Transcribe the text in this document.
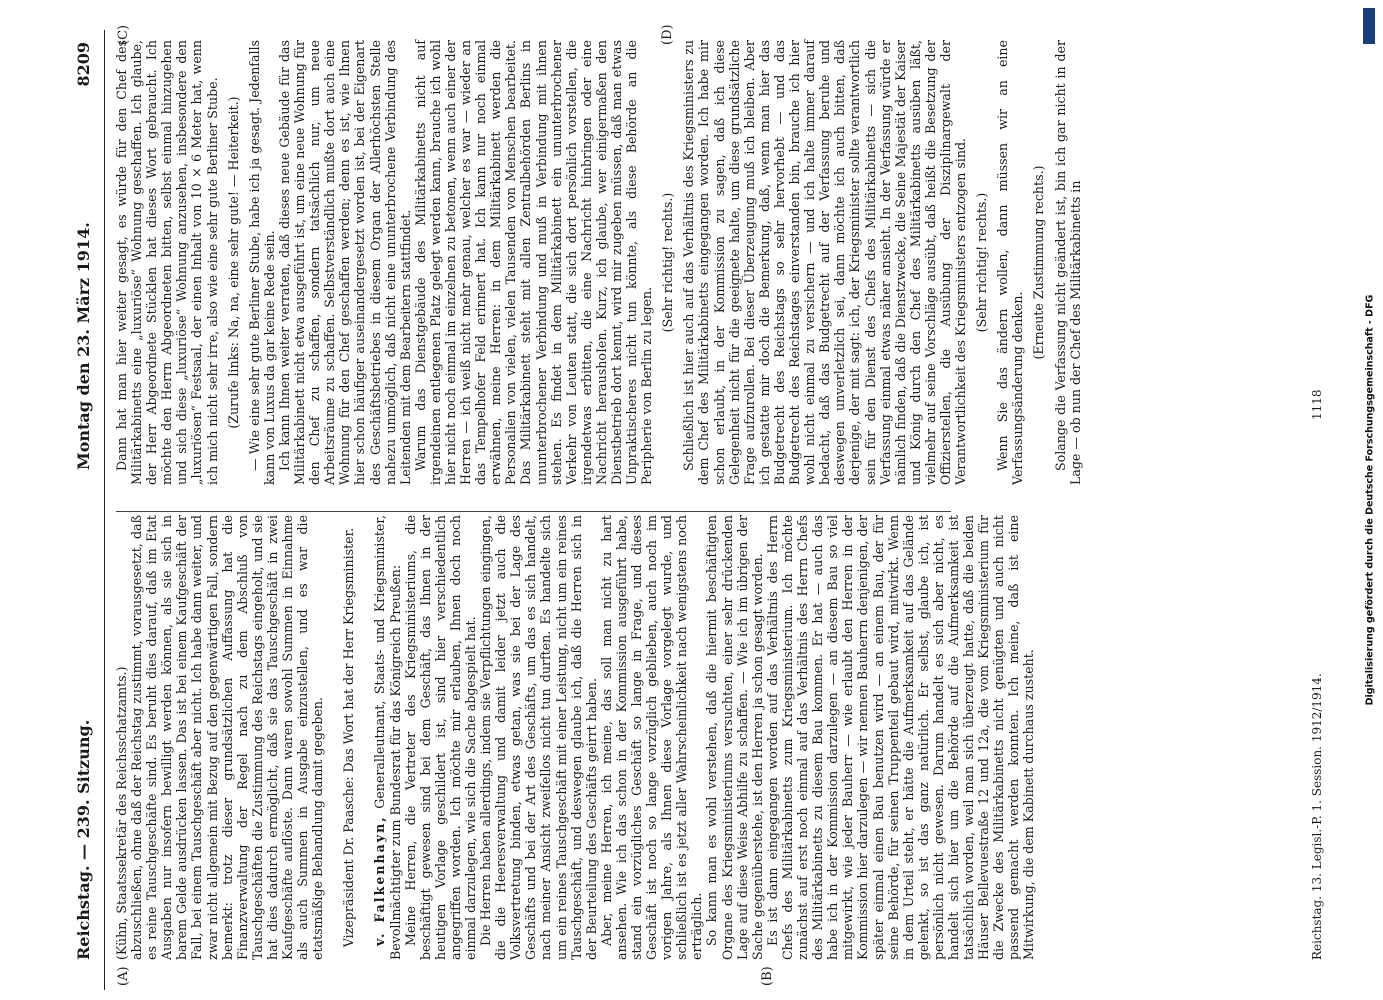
Reichstag. — 239. Sitzung.
Montag den 23. März 1914.
8209
(A)	(B)
(C)	(D)

(Kühn, Staatssekretär des Reichsschatzamts.) abzuschließen, ohne daß der Reichstag zustimmt, vorausgesetzt, daß es reine Tauschgeschäfte sind. Es beruht dies darauf, daß im Etat Ausgaben nur insofern bewilligt werden können, als sie sich in barem Gelde ausdrücken lassen. Das ist bei einem Kaufgeschäft der Fall, bei einem Tauschgeschäft aber nicht. Ich habe dann weiter, und zwar nicht allgemein mit Bezug auf den gegenwärtigen Fall, sondern bemerkt: trotz dieser grundsätzlichen Auffassung hat die Finanzverwaltung der Regel nach zu dem Abschluß von Tauschgeschäften die Zustimmung des Reichstags eingeholt, und sie hat dies dadurch ermöglicht, daß sie das Tauschgeschäft in zwei Kaufgeschäfte auflöste. Dann waren sowohl Summen in Einnahme als auch Summen in Ausgabe einzustellen, und es war die etatsmäßige Behandlung damit gegeben. Vizepräsident Dr. Paasche: Das Wort hat der Herr Kriegsminister. v. Falkenhayn, Generalleutnant, Staats- und Kriegsminister, Bevollmächtigter zum Bundesrat für das Königreich Preußen: Meine Herren, die Vertreter des Kriegsministeriums, die beschäftigt gewesen sind bei dem Geschäft, das Ihnen in der heutigen Vorlage geschildert ist, sind hier verschiedentlich angegriffen worden. Ich möchte mir erlauben, Ihnen doch noch einmal darzulegen, wie sich die Sache abgespielt hat. Die Herren haben allerdings, indem sie Verpflichtungen eingingen, die die Heeresverwaltung und damit leider jetzt auch die Volksvertretung binden, etwas getan, was sie bei der Lage des Geschäfts und bei der Art des Geschäfts, um das es sich handelt, nach meiner Ansicht zweifellos nicht tun durften. Es handelte sich um ein reines Tauschgeschäft mit einer Leistung, nicht um ein reines Tauschgeschäft, und deswegen glaube ich, daß die Herren sich in der Beurteilung des Geschäfts geirrt haben. Aber, meine Herren, ich meine, das soll man nicht zu hart ansehen. Wie ich das schon in der Kommission ausgeführt habe, stand ein vorzügliches Geschäft so lange in Frage, und dieses Geschäft ist noch so lange vorzüglich geblieben, auch noch im vorigen Jahre, als Ihnen diese Vorlage vorgelegt wurde, und schließlich ist es jetzt aller Wahrscheinlichkeit nach wenigstens noch erträglich. So kann man es wohl verstehen, daß die hiermit beschäftigten Organe des Kriegsministeriums versuchten, einer sehr drückenden Lage auf diese Weise Abhilfe zu schaffen. — Wie ich im übrigen der Sache gegenüberstehe, ist den Herren ja schon gesagt worden. Es ist dann eingegangen worden auf das Verhältnis des Herrn Chefs des Militärkabinetts zum Kriegsministerium. Ich möchte zunächst auf erst noch einmal auf das Verhältnis des Herrn Chefs des Militärkabinetts zu diesem Bau kommen. Er hat — auch das habe ich in der Kommission darzulegen — an diesem Bau so viel mitgewirkt, wie jeder Bauherr — wie erlaubt den Herren in der Kommission hier darzulegen — wir nennen Bauherrn denjenigen, der später einmal einen Bau benutzen wird — an einem Bau, der für seine Behörde, für seinen Truppenteil gebaut wird, mitwirkt. Wenn in dem Urteil steht, er hätte die Aufmerksamkeit auf das Gelände gelenkt, so ist das ganz natürlich. Er selbst, glaube ich, ist persönlich nicht gewesen. Darum handelt es sich aber nicht, es handelt sich hier um die Behörde auf die Aufmerksamkeit ist tatsächlich worden, weil man sich überzeugt hatte, daß die beiden Häuser Bellevuestraße 12 und 12a, die vom Kriegsministerium für die Zwecke des Militärkabinetts nicht genügten und auch nicht passend gemacht werden konnten. Ich meine, daß ist eine Mitwirkung, die dem Kabinett durchaus zusteht.

Dann hat man hier weiter gesagt, es würde für den Chef des Militärkabinetts eine „luxuriöse“ Wohnung geschaffen. Ich glaube, der Herr Abgeordnete Stücklen hat dieses Wort gebraucht. Ich möchte den Herrn Abgeordneten bitten, selbst einmal hinzugehen und sich diese „luxuriöse“ Wohnung anzusehen, insbesondere den „luxuriösen“ Festsaal, der einen Inhalt von 10 × 6 Meter hat, wenn ich mich nicht sehr irre, also wie eine sehr gute Berliner Stube. (Zurufe links: Na, na, eine sehr gute! — Heiterkeit.) — Wie eine sehr gute Berliner Stube, habe ich ja gesagt. Jedenfalls kann von Luxus da gar keine Rede sein. Ich kann Ihnen weiter verraten, daß dieses neue Gebäude für das Militärkabinett nicht etwa ausgeführt ist, um eine neue Wohnung für den Chef zu schaffen, sondern tatsächlich nur, um neue Arbeitsräume zu schaffen. Selbstverständlich mußte dort auch eine Wohnung für den Chef geschaffen werden; denn es ist, wie Ihnen hier schon häufiger auseinandergesetzt worden ist, bei der Eigenart des Geschäftsbetriebes in diesem Organ der Allerhöchsten Stelle nahezu unmöglich, daß nicht eine ununterbrochene Verbindung des Leitenden mit dem Bearbeitern stattfindet. Warum das Dienstgebäude des Militärkabinetts nicht auf irgendeinen entlegenen Platz gelegt werden kann, brauche ich wohl hier nicht noch einmal im einzelnen zu betonen, wenn auch einer der Herren — ich weiß nicht mehr genau, welcher es war — wieder an das Tempelhofer Feld erinnert hat. Ich kann nur noch einmal erwähnen, meine Herren: in dem Militärkabinett werden die Personalien von vielen, vielen Tausenden von Menschen bearbeitet. Das Militärkabinett steht mit allen Zentralbehörden Berlins in ununterbrochener Verbindung und muß in Verbindung mit ihnen stehen. Es findet in dem Militärkabinett ein ununterbrochener Verkehr von Leuten statt, die sich dort persönlich vorstellen, die irgendetwas erbitten, die eine Nachricht hinbringen oder eine Nachricht heraushoIen. Kurz, ich glaube, wer einigermaßen den Dienstbetrieb dort kennt, wird mir zugeben müssen, daß man etwas Unpraktischeres nicht tun könnte, als diese Behörde an die Peripherie von Berlin zu legen.

(Sehr richtig! rechts.) Schließlich ist hier auch auf das Verhältnis des Kriegsministers zu dem Chef des Militärkabinetts eingegangen worden. Ich habe mir schon erlaubt, in der Kommission zu sagen, daß ich diese Gelegenheit nicht für die geeignete halte, um diese grundsätzliche Frage aufzurollen. Bei dieser Überzeugung muß ich bleiben. Aber ich gestatte mir doch die Bemerkung, daß, wenn man hier das Budgetrecht des Reichstags so sehr hervorhebt — und das Budgetrecht des Reichstages einverstanden bin, brauche ich hier wohl nicht einmal zu versichern — und ich halte immer darauf bedacht, daß das Budgetrecht auf der Verfassung beruhe und deswegen unverletzlich sei, dann möchte ich auch bitten, daß derjenige, der mit sagt: ich, der Kriegsminister sollte verantwortlich sein für den Dienst des Chefs des Militärkabinetts — sich die Verfassung einmal etwas näher ansieht. In der Verfassung würde er nämlich finden, daß die Dienstzwecke, die Seine Majestät der Kaiser und König durch den Chef des Militärkabinetts ausüben läßt, vielmehr auf seine Vorschläge ausübt, daß heißt die Besetzung der Offizierstellen, die Ausübung der Disziplinargewalt der Verantwortlichkeit des Kriegsministers entzogen sind. (Sehr richtig! rechts.) Wenn Sie das ändern wollen, dann müssen wir an eine Verfassungsänderung denken.

(Erneute Zustimmung rechts.) Solange die Verfassung nicht geändert ist, bin ich gar nicht in der Lage — ob nun der Chef des Militärkabinetts in

Reichstag. 13. Legisl.-P. 1. Session. 1912/1914.
1118	Digitalisierung gefördert durch die Deutsche Forschungsgemeinschaft - DFG
